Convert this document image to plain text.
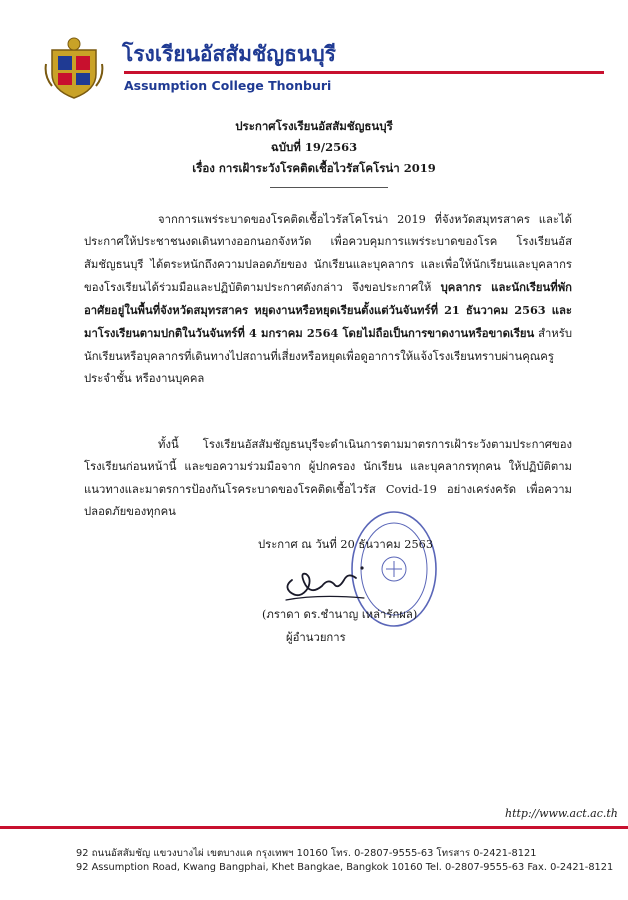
โรงเรียนอัสสัมชัญธนบุรี
Assumption College Thonburi
ประกาศโรงเรียนอัสสัมชัญธนบุรี
ฉบับที่ 19/2563
เรื่อง การเฝ้าระวังโรคติดเชื้อไวรัสโคโรน่า 2019
จากการแพร่ระบาดของโรคติดเชื้อไวรัสโคโรน่า 2019 ที่จังหวัดสมุทรสาคร และได้ประกาศให้ประชาชนงดเดินทางออกนอกจังหวัด เพื่อควบคุมการแพร่ระบาดของโรค โรงเรียนอัสสัมชัญธนบุรี ได้ตระหนักถึงความปลอดภัยของ นักเรียนและบุคลากร และเพื่อให้นักเรียนและบุคลากรของโรงเรียนได้ร่วมมือและปฏิบัติตามประกาศดังกล่าว จึงขอประกาศให้ บุคลากร และนักเรียนที่พักอาศัยอยู่ในพื้นที่จังหวัดสมุทรสาคร หยุดงานหรือหยุดเรียนตั้งแต่วันจันทร์ที่ 21 ธันวาคม 2563 และมาโรงเรียนตามปกติในวันจันทร์ที่ 4 มกราคม 2564 โดยไม่ถือเป็นการขาดงานหรือขาดเรียน สำหรับนักเรียนหรือบุคลากรที่เดินทางไปสถานที่เสี่ยงหรือหยุดเพื่อดูอาการให้แจ้งโรงเรียนทราบผ่านคุณครูประจำชั้น หรืองานบุคคล
ทั้งนี้ โรงเรียนอัสสัมชัญธนบุรีจะดำเนินการตามมาตรการเฝ้าระวังตามประกาศของโรงเรียนก่อนหน้านี้ และขอความร่วมมือจาก ผู้ปกครอง นักเรียน และบุคลากรทุกคน ให้ปฏิบัติตามแนวทางและมาตรการป้องกันโรคระบาดของโรคติดเชื้อไวรัส Covid-19 อย่างเคร่งครัด เพื่อความปลอดภัยของทุกคน
ประกาศ ณ วันที่ 20 ธันวาคม 2563
(ภราดา ดร.ชำนาญ เหล่ารักผล)
ผู้อำนวยการ
http://www.act.ac.th
92 ถนนอัสสัมชัญ แขวงบางไผ่ เขตบางแค กรุงเทพฯ 10160 โทร. 0-2807-9555-63 โทรสาร 0-2421-8121
92 Assumption Road, Kwang Bangphai, Khet Bangkae, Bangkok 10160 Tel. 0-2807-9555-63 Fax. 0-2421-8121
